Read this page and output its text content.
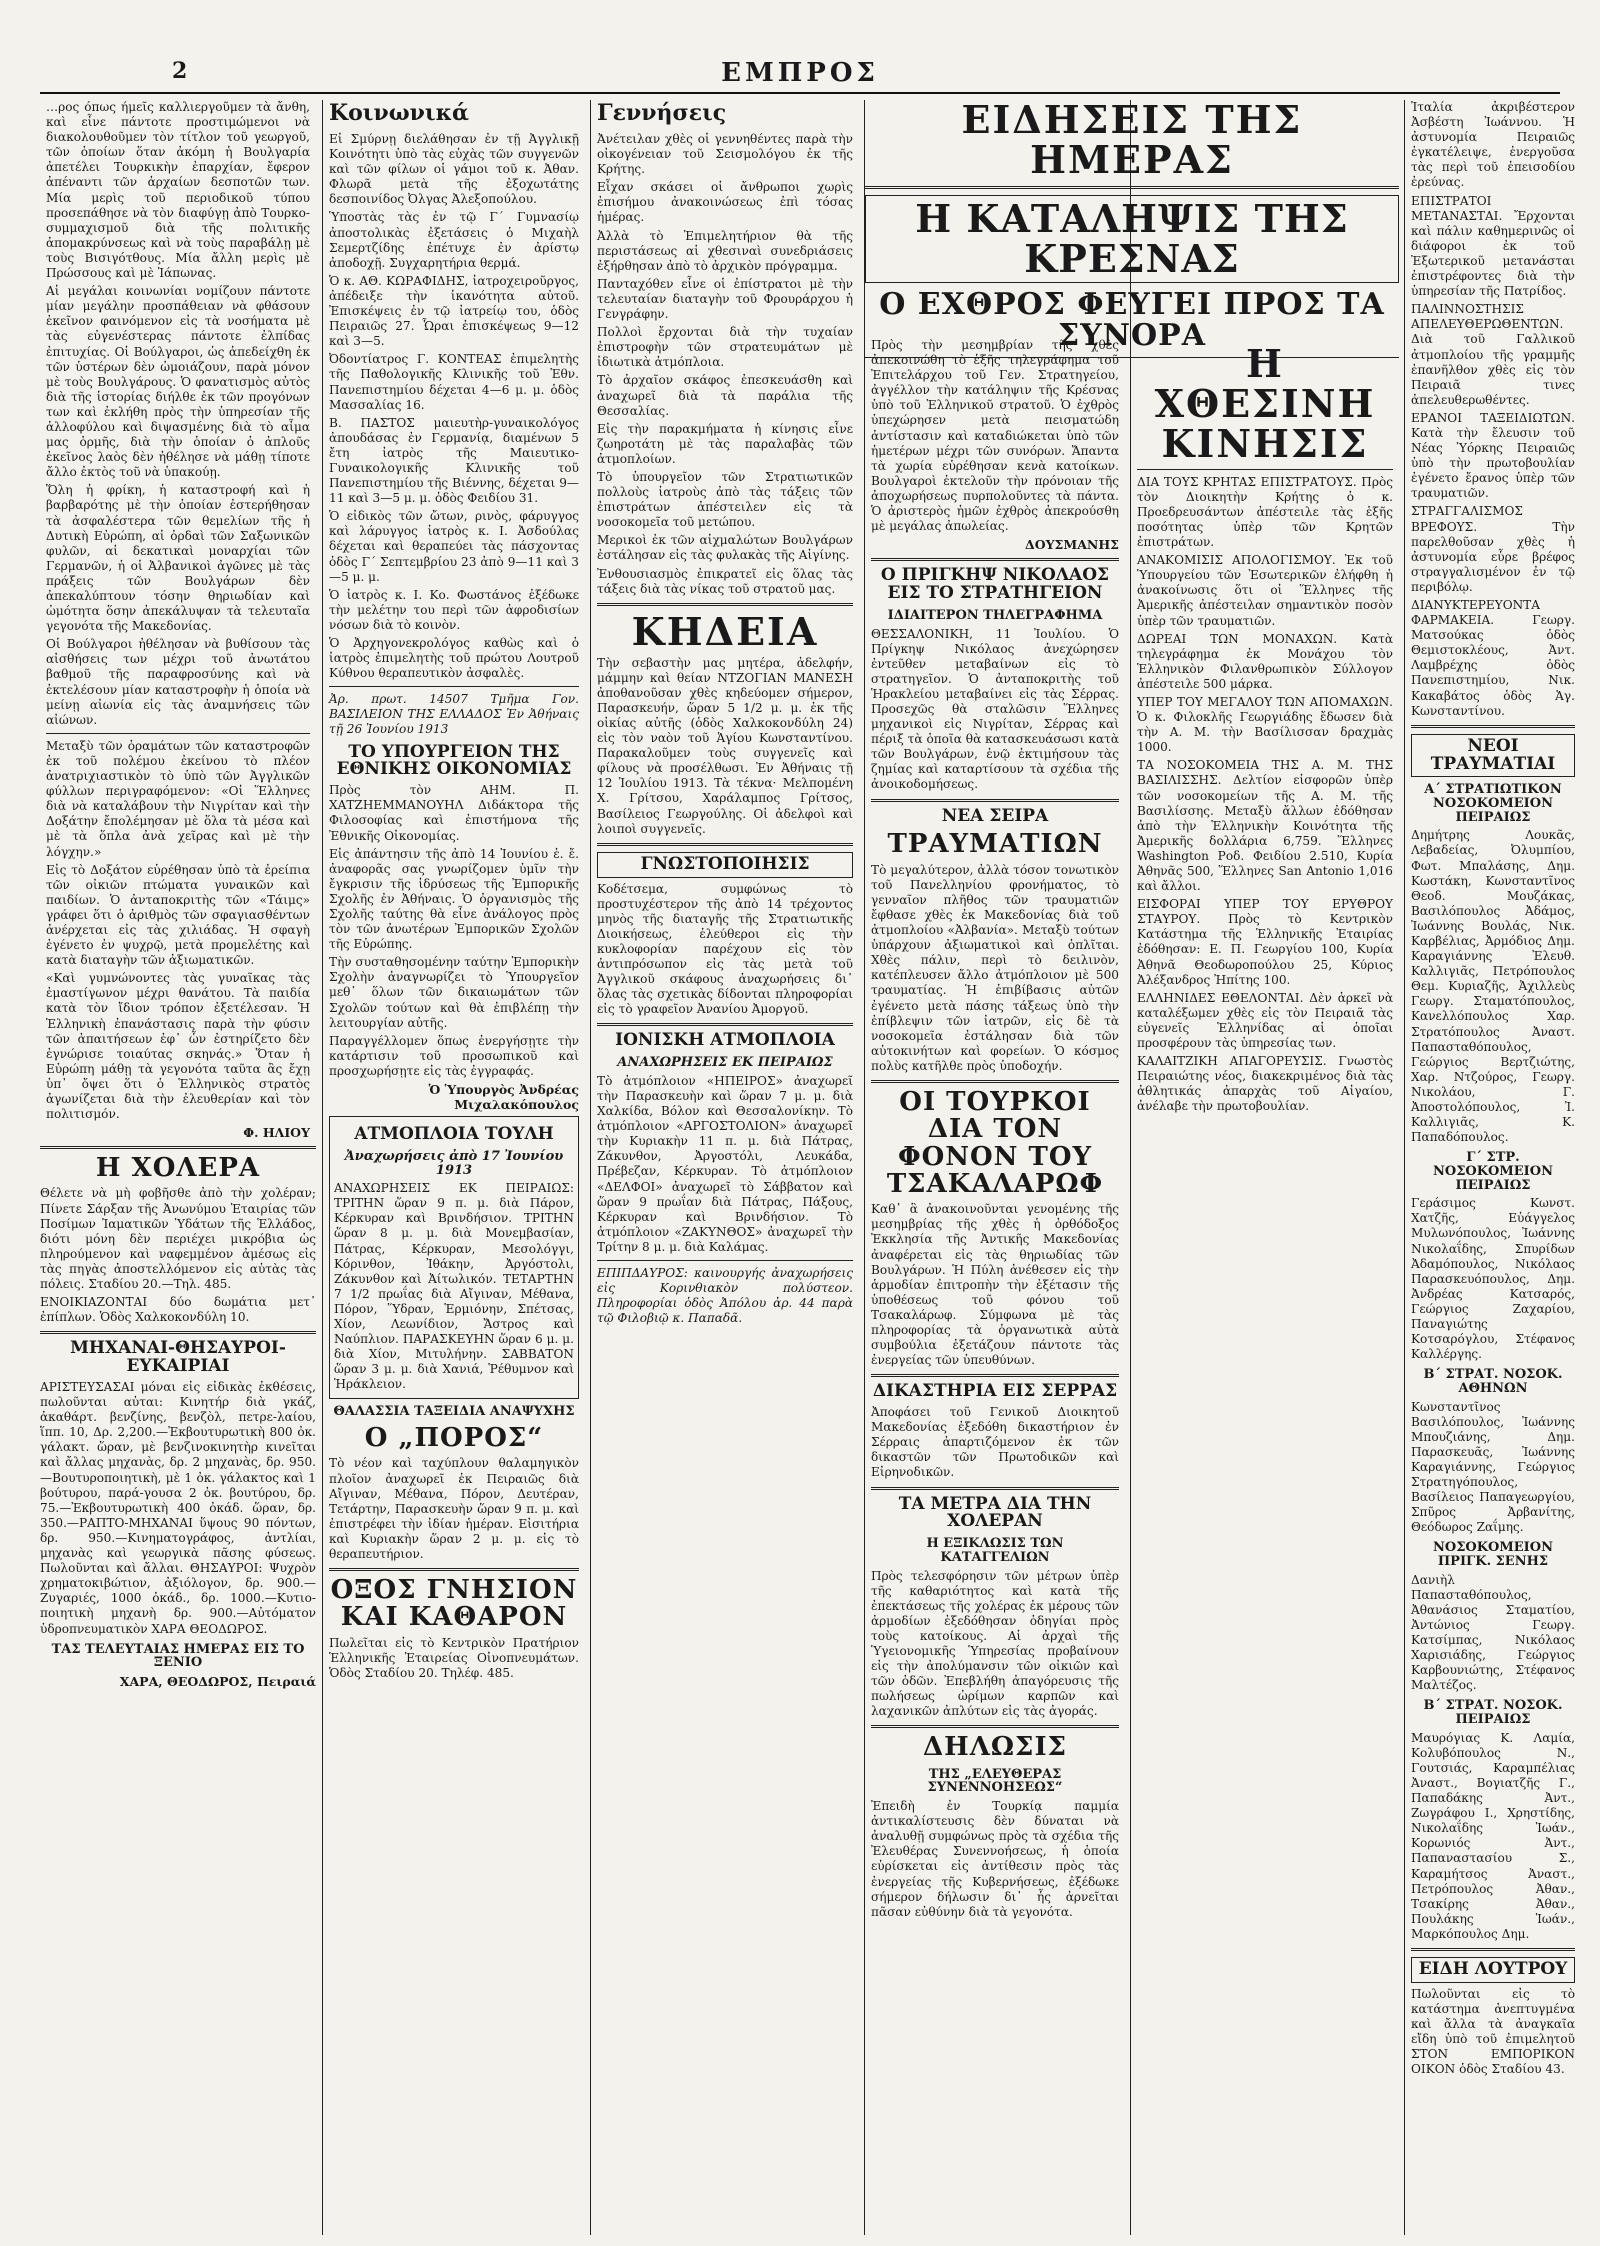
2	ΕΜΠΡΟΣ

…ρος όπως ήμεῖς καλλιεργοῦμεν τὰ ἄνθη, καὶ εἶνε πάντοτε προστιμώμενοι νὰ διακολουθοῦμεν τὸν τίτλον τοῦ γεωργοῦ, τῶν ὁποίων ὅταν ἀκόμη ἡ Βουλγαρία ἀπετέλει Τουρκικὴν ἐπαρχίαν, ἔφερον ἀπέναντι τῶν ἀρχαίων δεσποτῶν των. Μία μερὶς τοῦ περιοδικοῦ τύπου προσεπάθησε νὰ τὸν διαφύγῃ ἀπὸ Τουρκο-συμμαχισμοῦ διὰ τῆς πολιτικῆς ἀπομακρύνσεως καὶ νὰ τοὺς παραβάλῃ μὲ τοὺς Βισιγότθους. Μία ἄλλη μερὶς μὲ Πρώσσους καὶ μὲ Ἰάπωνας.

Αἱ μεγάλαι κοινωνίαι νομίζουν πάντοτε μίαν μεγάλην προσπάθειαν νὰ φθάσουν ἐκεῖνον φαινόμενον εἰς τὰ νοσήματα μὲ τὰς εὐγενέστερας πάντοτε ἐλπίδας ἐπιτυχίας. Οἱ Βούλγαροι, ὡς ἀπεδείχθη ἐκ τῶν ὑστέρων δὲν ὠμοιάζουν, παρὰ μόνον μὲ τοὺς Βουλγάρους. Ὁ φανατισμὸς αὐτὸς διὰ τῆς ἱστορίας διήλθε ἐκ τῶν προγόνων των καὶ ἐκλήθη πρὸς τὴν ὑπηρεσίαν τῆς ἀλλοφύλου καὶ διψασμένης διὰ τὸ αἷμα μας ὁρμῆς, διὰ τὴν ὁποίαν ὁ ἀπλοῦς ἐκεῖνος λαὸς δὲν ἠθέλησε νὰ μάθῃ τίποτε ἄλλο ἐκτὸς τοῦ νὰ ὑπακούῃ.

Ὅλη ἡ φρίκη, ἡ καταστροφή καὶ ἡ βαρβαρότης μὲ τὴν ὁποίαν ἐστερήθησαν τὰ ἀσφαλέστερα τῶν θεμελίων τῆς ἡ Δυτικὴ Εὐρώπη, αἱ ὀρδαὶ τῶν Σαξωνικῶν φυλῶν, αἱ δεκατικαὶ μοναρχίαι τῶν Γερμανῶν, ἡ οἱ Ἀλβανικοὶ ἀγῶνες μὲ τὰς πράξεις τῶν Βουλγάρων δὲν ἀπεκαλύπτουν τόσην θηριωδίαν καὶ ὠμότητα ὅσην ἀπεκάλυψαν τὰ τελευταῖα γεγονότα τῆς Μακεδονίας.

Οἱ Βούλγαροι ἠθέλησαν νὰ βυθίσουν τὰς αἰσθήσεις των μέχρι τοῦ ἀνωτάτου βαθμοῦ τῆς παραφροσύνης καὶ νὰ ἐκτελέσουν μίαν καταστροφὴν ἡ ὁποία νὰ μείνῃ αἰωνία εἰς τὰς ἀναμνήσεις τῶν αἰώνων.

Μεταξὺ τῶν ὁραμάτων τῶν καταστροφῶν ἐκ τοῦ πολέμου ἐκείνου τὸ πλέον ἀνατριχιαστικὸν τὸ ὑπὸ τῶν Ἀγγλικῶν φύλλων περιγραφόμενον: «Οἱ Ἕλληνες διὰ νὰ καταλάβουν τὴν Νιγρίταν καὶ τὴν Δοξάτην ἔπολέμησαν μὲ ὅλα τὰ μέσα καὶ μὲ τὰ ὅπλα ἀνὰ χεῖρας καὶ μὲ τὴν λόγχην.»

Εἰς τὸ Δοξάτον εὑρέθησαν ὑπὸ τὰ ἐρείπια τῶν οἰκιῶν πτώματα γυναικῶν καὶ παιδίων. Ὁ ἀνταποκριτὴς τῶν «Τάιμς» γράφει ὅτι ὁ ἀριθμὸς τῶν σφαγιασθέντων ἀνέρχεται εἰς τὰς χιλιάδας. Ἡ σφαγὴ ἐγένετο ἐν ψυχρῷ, μετὰ προμελέτης καὶ κατὰ διαταγὴν τῶν ἀξιωματικῶν.

«Καὶ γυμνώνοντες τὰς γυναῖκας τὰς ἐμαστίγωνον μέχρι θανάτου. Τὰ παιδία κατὰ τὸν ἴδιον τρόπον ἐξετέλεσαν. Ἡ Ἑλληνικὴ ἐπανάστασις παρὰ τὴν φύσιν τῶν ἀπαιτήσεων ἐφ᾽ ὧν ἐστηρίζετο δὲν ἐγνώρισε τοιαύτας σκηνάς.» Ὅταν ἡ Εὐρώπη μάθῃ τὰ γεγονότα ταῦτα ἂς ἔχῃ ὑπ᾽ ὄψει ὅτι ὁ Ἑλληνικὸς στρατὸς ἀγωνίζεται διὰ τὴν ἐλευθερίαν καὶ τὸν πολιτισμόν.

Φ. ΗΛΙΟΥ

Η ΧΟΛΕΡΑ

Θέλετε νὰ μὴ φοβῆσθε ἀπὸ τὴν χολέραν; Πίνετε Σάρξαν τῆς Ἀνωνύμου Ἑταιρίας τῶν Ποσίμων Ἰαματικῶν Ὑδάτων τῆς Ἑλλάδος, διότι μόνη δὲν περιέχει μικρόβια ὡς πληρούμενον καὶ ναφεμμένον ἀμέσως εἰς τὰς πηγὰς ἀποστελλόμενον εἰς αὐτὰς τὰς πόλεις. Σταδίου 20.—Τηλ. 485.

ΕΝΟΙΚΙΑΖΟΝΤΑΙ δύο δωμάτια μετ᾽ ἐπίπλων. Ὁδὸς Χαλκοκονδύλη 10.

ΜΗΧΑΝΑΙ-ΘΗΣΑΥΡΟΙ-ΕΥΚΑΙΡΙΑΙ

ΑΡΙΣΤΕΥΣΑΣΑΙ μόναι εἰς εἰδικὰς ἐκθέσεις, πωλοῦνται αὐται: Κινητήρ διὰ γκάζ, ἀκαθάρτ. βενζίνης, βενζὸλ, πετρε-λαίου, ἵππ. 10, Δρ. 2,200.—Ἐκβουτυρωτικὴ 800 ὀκ. γάλακτ. ὥραν, μὲ βενζινοκινητὴρ κινεῖται καὶ ἄλλας μηχανὰς, δρ. 2 μηχανὰς, δρ. 950.—Βουτυροποιητικὴ, μὲ 1 ὀκ. γάλακτος καὶ 1 βούτυρου, παρά-γουσα 2 ὀκ. βουτύρου, δρ. 75.—Ἐκβουτυρωτικὴ 400 ὀκάδ. ὥραν, δρ. 350.—ΡΑΠΤΟ-ΜΗΧΑΝΑΙ ὕψους 90 πόντων, δρ. 950.—Κινηματογράφος, ἀντλίαι, μηχανὰς καὶ γεωργικὰ πᾶσης φύσεως. Πωλοῦνται καὶ ἄλλαι. ΘΗΣΑΥΡΟΙ: Ψυχρὸν χρηματοκιβώτιον, ἀξιόλογον, δρ. 900.—Ζυγαριές, 1000 ὀκάδ., δρ. 1000.—Κυτιο-ποιητικὴ μηχανὴ δρ. 900.—Αὐτόματον ὑδροπνευματικὸν ΧΑΡΑ ΘΕΟΔΩΡΟΣ.

ΤΑΣ ΤΕΛΕΥΤΑΙΑΣ ΗΜΕΡΑΣ ΕΙΣ ΤΟ ΞΕΝΙΟ

ΧΑΡΑ, ΘΕΟΔΩΡΟΣ, Πειραιά

Κοινωνικά

Εἰ Σμύρνῃ διελάθησαν ἐν τῇ Ἀγγλικῇ Κοινότητι ὑπὸ τὰς εὐχὰς τῶν συγγενῶν καὶ τῶν φίλων οἱ γάμοι τοῦ κ. Ἀθαν. Φλωρᾶ μετὰ τῆς ἐξοχωτάτης δεσποινίδος Ὀλγας Ἀλεξοπούλου.

Ὑποστὰς τὰς ἐν τῷ Γ΄ Γυμνασίῳ ἀποστολικὰς ἐξετάσεις ὁ Μιχαὴλ Σεμερτζίδης ἐπέτυχε ἐν ἀρίστῳ ἀποδοχῇ. Συγχαρητήρια θερμά.

Ὁ κ. ΑΘ. ΚΩΡΑΦΙΔΗΣ, ἰατροχειροῦργος, ἀπέδειξε τὴν ἱκανότητα αὐτοῦ. Ἐπισκέψεις ἐν τῷ ἰατρείῳ του, ὁδὸς Πειραιῶς 27. Ὧραι ἐπισκέψεως 9—12 καὶ 3—5.

Ὀδοντίατρος Γ. ΚΟΝΤΕΑΣ ἐπιμελητὴς τῆς Παθολογικῆς Κλινικῆς τοῦ Ἐθν. Πανεπιστημίου δέχεται 4—6 μ. μ. ὁδὸς Μασσαλίας 16.

Β. ΠΑΣΤΟΣ μαιευτὴρ-γυναικολόγος ἀπουδάσας ἐν Γερμανίᾳ, διαμένων 5 ἔτη ἰατρὸς τῆς Μαιευτικο-Γυναικολογικῆς Κλινικῆς τοῦ Πανεπιστημίου τῆς Βιέννης, δέχεται 9—11 καὶ 3—5 μ. μ. ὁδὸς Φειδίου 31.

Ὁ εἰδικὸς τῶν ὤτων, ρινὸς, φάρυγγος καὶ λάρυγγος ἰατρὸς κ. Ι. Ἀσδούλας δέχεται καὶ θεραπεύει τὰς πάσχοντας ὁδὸς Γ΄ Σεπτεμβρίου 23 ἀπὸ 9—11 καὶ 3—5 μ. μ.

Ὁ ἰατρὸς κ. Ι. Κο. Φωστάνος ἐξέδωκε τὴν μελέτην του περὶ τῶν ἀφροδισίων νόσων διὰ τὸ κοινὸν.

Ὁ Ἀρχηγονεκρολόγος καθὼς καὶ ὁ ἰατρὸς ἐπιμελητὴς τοῦ πρώτου Λουτροῦ Κύθνου θεραπευτικὸν ἀσφαλὲς.

Ἀρ. πρωτ. 14507 Τμῆμα Γον. ΒΑΣΙΛΕΙΟΝ ΤΗΣ ΕΛΛΑΔΟΣ Ἐν Ἀθήναις τῇ 26 Ἰουνίου 1913

ΤΟ ΥΠΟΥΡΓΕΙΟΝ ΤΗΣ ΕΘΝΙΚΗΣ ΟΙΚΟΝΟΜΙΑΣ

Πρὸς τὸν ΑΗΜ. Π. ΧΑΤΖΗΕΜΜΑΝΟΥΗΛ Διδάκτορα τῆς Φιλοσοφίας καὶ ἐπιστήμονα τῆς Ἐθνικῆς Οἰκονομίας.

Εἰς ἀπάντησιν τῆς ἀπὸ 14 Ἰουνίου ἐ. ἔ. ἀναφορᾶς σας γνωρίζομεν ὑμῖν τὴν ἔγκρισιν τῆς ἱδρύσεως τῆς Ἐμπορικῆς Σχολῆς ἐν Ἀθήναις. Ὁ ὀργανισμὸς τῆς Σχολῆς ταύτης θὰ εἶνε ἀνάλογος πρὸς τὸν τῶν ἀνωτέρων Ἐμπορικῶν Σχολῶν τῆς Εὐρώπης.

Τὴν συσταθησομένην ταύτην Ἐμπορικὴν Σχολὴν ἀναγνωρίζει τὸ Ὑπουργεῖον μεθ᾽ ὅλων τῶν δικαιωμάτων τῶν Σχολῶν τούτων καὶ θὰ ἐπιβλέπῃ τὴν λειτουργίαν αὐτῆς.

Παραγγέλλομεν ὅπως ἐνεργήσῃτε τὴν κατάρτισιν τοῦ προσωπικοῦ καὶ προσχωρήσῃτε εἰς τὰς ἐγγραφάς.

Ὁ Ὑπουργὸς Ἀνδρέας Μιχαλακόπουλος

ΑΤΜΟΠΛΟΙΑ ΤΟΥΛΗ
Ἀναχωρήσεις ἀπὸ 17 Ἰουνίου 1913

ΑΝΑΧΩΡΗΣΕΙΣ ΕΚ ΠΕΙΡΑΙΩΣ: ΤΡΙΤΗΝ ὥραν 9 π. μ. διὰ Πάρον, Κέρκυραν καὶ Βρινδήσιον. ΤΡΙΤΗΝ ὥραν 8 μ. μ. διὰ Μονεμβασίαν, Πάτρας, Κέρκυραν, Μεσολόγγι, Κόρινθον, Ἰθάκην, Ἀργόστολι, Ζάκυνθον καὶ Ἀίτωλικόν. ΤΕΤΑΡΤΗΝ 7 1/2 πρωΐας διὰ Αἴγιναν, Μέθανα, Πόρον, Ὕδραν, Ἑρμιόνην, Σπέτσας, Χίον, Λεωνίδιον, Ἄστρος καὶ Ναύπλιον. ΠΑΡΑΣΚΕΥΗΝ ὥραν 6 μ. μ. διὰ Χίον, Μιτυλήνην. ΣΑΒΒΑΤΟΝ ὥραν 3 μ. μ. διὰ Χανιά, Ῥέθυμνον καὶ Ἡράκλειον.

ΘΑΛΑΣΣΙΑ ΤΑΞΕΙΔΙΑ ΑΝΑΨΥΧΗΣ
Ο „ΠΟΡΟΣ“

Τὸ νέον καὶ ταχύπλουν θαλαμηγικὸν πλοῖον ἀναχωρεῖ ἐκ Πειραιῶς διὰ Αἴγιναν, Μέθανα, Πόρον, Δευτέραν, Τετάρτην, Παρασκευὴν ὥραν 9 π. μ. καὶ ἐπιστρέφει τὴν ἰδίαν ἡμέραν. Εἰσιτήρια καὶ Κυριακὴν ὥραν 2 μ. μ. εἰς τὸ θεραπευτήριον.

ΟΞΟΣ ΓΝΗΣΙΟΝ ΚΑΙ ΚΑΘΑΡΟΝ

Πωλεῖται εἰς τὸ Κεντρικὸν Πρατήριον Ἑλληνικῆς Ἑταιρείας Οἰνοπνευμάτων. Ὁδὸς Σταδίου 20. Τηλέφ. 485.

Γεννήσεις

Ἀνέτειλαν χθὲς οἱ γεννηθέντες παρὰ τὴν οἰκογένειαν τοῦ Σεισμολόγου ἐκ τῆς Κρήτης.

Εἶχαν σκάσει οἱ ἄνθρωποι χωρὶς ἐπισήμου ἀνακοινώσεως ἐπὶ τόσας ἡμέρας.

Ἀλλὰ τὸ Ἐπιμελητήριον θὰ τῆς περιστάσεως αἱ χθεσιναὶ συνεδριάσεις ἐξήρθησαν ἀπὸ τὸ ἀρχικὸν πρόγραμμα.

Πανταχόθεν εἶνε οἱ ἐπίστρατοι μὲ τὴν τελευταίαν διαταγὴν τοῦ Φρουράρχου ἡ Γενγράφην.

Πολλοὶ ἔρχονται διὰ τὴν τυχαίαν ἐπιστροφὴν τῶν στρατευμάτων μὲ ἰδιωτικὰ ἀτμόπλοια.

Τὸ ἀρχαῖον σκάφος ἐπεσκευάσθη καὶ ἀναχωρεῖ διὰ τὰ παράλια τῆς Θεσσαλίας.

Εἰς τὴν παρακμήματα ἡ κίνησις εἶνε ζωηροτάτη μὲ τὰς παραλαβὰς τῶν ἀτμοπλοίων.

Τὸ ὑπουργεῖον τῶν Στρατιωτικῶν πολλοὺς ἰατροὺς ἀπὸ τὰς τάξεις τῶν ἐπιστράτων ἀπέστειλεν εἰς τὰ νοσοκομεῖα τοῦ μετώπου.

Μερικοὶ ἐκ τῶν αἰχμαλώτων Βουλγάρων ἐστάλησαν εἰς τὰς φυλακὰς τῆς Αἰγίνης.

Ἐνθουσιασμὸς ἐπικρατεῖ εἰς ὅλας τὰς τάξεις διὰ τὰς νίκας τοῦ στρατοῦ μας.

ΚΗΔΕΙΑ

Τὴν σεβαστὴν μας μητέρα, ἀδελφήν, μάμμην καὶ θείαν ΝΤΖΟΓΙΑΝ ΜΑΝΕΣΗ ἀποθανοῦσαν χθὲς κηδεύομεν σήμερον, Παρασκευήν, ὥραν 5 1/2 μ. μ. ἐκ τῆς οἰκίας αὐτῆς (ὁδὸς Χαλκοκονδύλη 24) εἰς τὸν ναὸν τοῦ Ἁγίου Κωνσταντίνου. Παρακαλοῦμεν τοὺς συγγενεῖς καὶ φίλους νὰ προσέλθωσι. Ἐν Ἀθήναις τῇ 12 Ἰουλίου 1913. Τὰ τέκνα· Μελπομένη Χ. Γρίτσου, Χαράλαμπος Γρίτσος, Βασίλειος Γεωργούλης. Οἱ ἀδελφοὶ καὶ λοιποὶ συγγενεῖς.

ΓΝΩΣΤΟΠΟΙΗΣΙΣ

Κοδέτσεμα, συμφώνως τὸ προστυχέστερον τῆς ἀπὸ 14 τρέχοντος μηνὸς τῆς διαταγῆς τῆς Στρατιωτικῆς Διοικήσεως, ἐλεύθεροι εἰς τὴν κυκλοφορίαν παρέχουν εἰς τὸν ἀντιπρόσωπον εἰς τὰς μετὰ τοῦ Ἀγγλικοῦ σκάφους ἀναχωρήσεις δι᾽ ὅλας τὰς σχετικὰς δίδονται πληροφορίαι εἰς τὸ γραφεῖον Ἀνανίου Ἀμοργοῦ.

ΙΟΝΙΣΚΗ ΑΤΜΟΠΛΟΙΑ
ΑΝΑΧΩΡΗΣΕΙΣ ΕΚ ΠΕΙΡΑΙΩΣ

Τὸ ἀτμόπλοιον «ΗΠΕΙΡΟΣ» ἀναχωρεῖ τὴν Παρασκευὴν καὶ ὥραν 7 μ. μ. διὰ Χαλκίδα, Βόλον καὶ Θεσσαλονίκην. Τὸ ἀτμόπλοιον «ΑΡΓΟΣΤΟΛΙΟΝ» ἀναχωρεῖ τὴν Κυριακὴν 11 π. μ. διὰ Πάτρας, Ζάκυνθον, Ἀργοστόλι, Λευκάδα, Πρέβεζαν, Κέρκυραν. Τὸ ἀτμόπλοιον «ΔΕΛΦΟΙ» ἀναχωρεῖ τὸ Σάββατον καὶ ὥραν 9 πρωΐαν διὰ Πάτρας, Πάξους, Κέρκυραν καὶ Βρινδήσιον. Τὸ ἀτμόπλοιον «ΖΑΚΥΝΘΟΣ» ἀναχωρεῖ τὴν Τρίτην 8 μ. μ. διὰ Καλάμας.

ΕΠΙΠΔΑΥΡΟΣ: καινουργής ἀναχωρήσεις εἰς Κορινθιακὸν πολύστεον. Πληροφορίαι ὁδὸς Ἀπόλου ἀρ. 44 παρὰ τῷ Φιλοβιῷ κ. Παπαδᾶ.

Πρὸς τὴν μεσημβρίαν τῆς χθὲς ἀπεκοινώθη τὸ ἑξῆς τηλεγράφημα τοῦ Ἐπιτελάρχου τοῦ Γεν. Στρατηγείου, ἀγγέλλον τὴν κατάληψιν τῆς Κρέσνας ὑπὸ τοῦ Ἑλληνικοῦ στρατοῦ. Ὁ ἐχθρὸς ὑπεχώρησεν μετὰ πεισματώδη ἀντίστασιν καὶ καταδιώκεται ὑπὸ τῶν ἡμετέρων μέχρι τῶν συνόρων. Ἄπαντα τὰ χωρία εὑρέθησαν κενὰ κατοίκων. Βουλγαροὶ ἐκτελοῦν τὴν πρόνοιαν τῆς ἀποχωρήσεως πυρπολοῦντες τὰ πάντα. Ὁ ἀριστερὸς ἡμῶν ἐχθρὸς ἀπεκρούσθη μὲ μεγάλας ἀπωλείας.

ΔΟΥΣΜΑΝΗΣ

Ο ΠΡΙΓΚΗΨ ΝΙΚΟΛΑΟΣ ΕΙΣ ΤΟ ΣΤΡΑΤΗΓΕΙΟΝ
ΙΔΙΑΙΤΕΡΟΝ ΤΗΛΕΓΡΑΦΗΜΑ

ΘΕΣΣΑΛΟΝΙΚΗ, 11 Ἰουλίου. Ὁ Πρίγκηψ Νικόλαος ἀνεχώρησεν ἐντεῦθεν μεταβαίνων εἰς τὸ στρατηγεῖον. Ὁ ἀνταποκριτὴς τοῦ Ἡρακλείου μεταβαίνει εἰς τὰς Σέρρας. Προσεχῶς θὰ σταλῶσιν Ἕλληνες μηχανικοὶ εἰς Νιγρίταν, Σέρρας καὶ πέριξ τὰ ὁποῖα θὰ κατασκευάσωσι κατὰ τῶν Βουλγάρων, ἐνῷ ἐκτιμήσουν τὰς ζημίας καὶ καταρτίσουν τὰ σχέδια τῆς ἀνοικοδομήσεως.

ΝΕΑ ΣΕΙΡΑ
ΤΡΑΥΜΑΤΙΩΝ

Τὸ μεγαλύτερον, ἀλλὰ τόσον τονωτικὸν τοῦ Πανελληνίου φρονήματος, τὸ γενναῖον πλῆθος τῶν τραυματιῶν ἔφθασε χθὲς ἐκ Μακεδονίας διὰ τοῦ ἀτμοπλοίου «Ἀλβανία». Μεταξὺ τούτων ὑπάρχουν ἀξιωματικοὶ καὶ ὁπλῖται. Χθὲς πάλιν, περὶ τὸ δειλινὸν, κατέπλευσεν ἄλλο ἀτμόπλοιον μὲ 500 τραυματίας. Ἡ ἐπιβίβασις αὐτῶν ἐγένετο μετὰ πάσης τάξεως ὑπὸ τὴν ἐπίβλεψιν τῶν ἰατρῶν, εἰς δὲ τὰ νοσοκομεῖα ἐστάλησαν διὰ τῶν αὐτοκινήτων καὶ φορείων. Ὁ κόσμος πολὺς κατῆλθε πρὸς ὑποδοχήν.

ΟΙ ΤΟΥΡΚΟΙ ΔΙΑ ΤΟΝ ΦΟΝΟΝ ΤΟΥ ΤΣΑΚΑΛΑΡΩΦ

Καθ᾽ ἃ ἀνακοινοῦνται γενομένης τῆς μεσημβρίας τῆς χθὲς ἡ ὀρθόδοξος Ἐκκλησία τῆς Ἀντικῆς Μακεδονίας ἀναφέρεται εἰς τὰς θηριωδίας τῶν Βουλγάρων. Ἡ Πύλη ἀνέθεσεν εἰς τὴν ἁρμοδίαν ἐπιτροπὴν τὴν ἐξέτασιν τῆς ὑποθέσεως τοῦ φόνου τοῦ Τσακαλάρωφ. Σύμφωνα μὲ τὰς πληροφορίας τὰ ὀργανωτικὰ αὐτὰ συμβούλια ἐξετάζουν πάντοτε τὰς ἐνεργείας τῶν ὑπευθύνων.

ΔΙΚΑΣΤΗΡΙΑ ΕΙΣ ΣΕΡΡΑΣ

Ἀποφάσει τοῦ Γενικοῦ Διοικητοῦ Μακεδονίας ἐξεδόθη δικαστήριον ἐν Σέρραις ἀπαρτιζόμενον ἐκ τῶν δικαστῶν τῶν Πρωτοδικῶν καὶ Εἰρηνοδικῶν.

ΤΑ ΜΕΤΡΑ ΔΙΑ ΤΗΝ ΧΟΛΕΡΑΝ
Η ΕΞΙΚΛΩΣΙΣ ΤΩΝ ΚΑΤΑΓΓΕΛΙΩΝ

Πρὸς τελεσφόρησιν τῶν μέτρων ὑπὲρ τῆς καθαριότητος καὶ κατὰ τῆς ἐπεκτάσεως τῆς χολέρας ἐκ μέρους τῶν ἀρμοδίων ἐξεδόθησαν ὁδηγίαι πρὸς τοὺς κατοίκους. Αἱ ἀρχαὶ τῆς Ὑγειονομικῆς Ὑπηρεσίας προβαίνουν εἰς τὴν ἀπολύμανσιν τῶν οἰκιῶν καὶ τῶν ὁδῶν. Ἐπεβλήθη ἀπαγόρευσις τῆς πωλήσεως ὠρίμων καρπῶν καὶ λαχανικῶν ἀπλύτων εἰς τὰς ἀγοράς.

ΔΗΛΩΣΙΣ
ΤΗΣ „ΕΛΕΥΘΕΡΑΣ ΣΥΝΕΝΝΟΗΣΕΩΣ“

Ἐπειδὴ ἐν Τουρκίᾳ παμμία ἀντικαλίστευσις δὲν δύναται νὰ ἀναλυθῇ συμφώνως πρὸς τὰ σχέδια τῆς Ἐλευθέρας Συνεννοήσεως, ἡ ὁποία εὑρίσκεται εἰς ἀντίθεσιν πρὸς τὰς ἐνεργείας τῆς Κυβερνήσεως, ἐξέδωκε σήμερον δήλωσιν δι᾽ ἧς ἀρνεῖται πᾶσαν εὐθύνην διὰ τὰ γεγονότα.

Η ΧΘΕΣΙΝΗ ΚΙΝΗΣΙΣ

ΔΙΑ ΤΟΥΣ ΚΡΗΤΑΣ ΕΠΙΣΤΡΑΤΟΥΣ. Πρὸς τὸν Διοικητὴν Κρήτης ὁ κ. Προεδρευσάντων ἀπέστειλε τὰς ἑξῆς ποσότητας ὑπὲρ τῶν Κρητῶν ἐπιστράτων.

ΑΝΑΚΟΜΙΣΙΣ ΑΠΟΛΟΓΙΣΜΟΥ. Ἐκ τοῦ Ὑπουργείου τῶν Ἐσωτερικῶν ἐλήφθη ἡ ἀνακοίνωσις ὅτι οἱ Ἕλληνες τῆς Ἀμερικῆς ἀπέστειλαν σημαντικὸν ποσὸν ὑπὲρ τῶν τραυματιῶν.

ΔΩΡΕΑΙ ΤΩΝ ΜΟΝΑΧΩΝ. Κατὰ τηλεγράφημα ἐκ Μονάχου τὸν Ἑλληνικὸν Φιλανθρωπικὸν Σύλλογον ἀπέστειλε 500 μάρκα.

ΥΠΕΡ ΤΟΥ ΜΕΓΑΛΟΥ ΤΩΝ ΑΠΟΜΑΧΩΝ. Ὁ κ. Φιλοκλῆς Γεωργιάδης ἔδωσεν διὰ τὴν Α. Μ. τὴν Βασίλισσαν δραχμὰς 1000.

ΤΑ ΝΟΣΟΚΟΜΕΙΑ ΤΗΣ Α. Μ. ΤΗΣ ΒΑΣΙΛΙΣΣΗΣ. Δελτίον εἰσφορῶν ὑπὲρ τῶν νοσοκομείων τῆς Α. Μ. τῆς Βασιλίσσης. Μεταξὺ ἄλλων ἐδόθησαν ἀπὸ τὴν Ἑλληνικὴν Κοινότητα τῆς Ἀμερικῆς δολλάρια 6,759. Ἕλληνες Washington Ροδ. Φειδίου 2.510, Κυρία Ἀθηνᾶς 500, Ἕλληνες San Antonio 1,016 καὶ ἄλλοι.

ΕΙΣΦΟΡΑΙ ΥΠΕΡ ΤΟΥ ΕΡΥΘΡΟΥ ΣΤΑΥΡΟΥ. Πρὸς τὸ Κεντρικὸν Κατάστημα τῆς Ἑλληνικῆς Ἑταιρίας ἐδόθησαν: Ε. Π. Γεωργίου 100, Κυρία Ἀθηνᾶ Θεοδωροπούλου 25, Κύριος Ἀλέξανδρος Ἠπίτης 100.

ΕΛΛΗΝΙΔΕΣ ΕΘΕΛΟΝΤΑΙ. Δὲν ἀρκεῖ νὰ καταλέξωμεν χθὲς εἰς τὸν Πειραιᾶ τὰς εὐγενεῖς Ἑλληνίδας αἱ ὁποῖαι προσφέρουν τὰς ὑπηρεσίας των.

ΚΑΛΑΙΤΖΙΚΗ ΑΠΑΓΟΡΕΥΣΙΣ. Γνωστὸς Πειραιώτης νέος, διακεκριμένος διὰ τὰς ἀθλητικάς ἀπαρχὰς τοῦ Αἰγαίου, ἀνέλαβε τὴν πρωτοβουλίαν.

Ἰταλία ἀκριβέστερον Ἀσβέστη Ἰωάννου. Ἡ ἀστυνομία Πειραιῶς ἐγκατέλειψε, ἐνεργοῦσα τὰς περὶ τοῦ ἐπεισοδίου ἐρεύνας.

ΕΠΙΣΤΡΑΤΟΙ ΜΕΤΑΝΑΣΤΑΙ. Ἔρχονται καὶ πάλιν καθημερινῶς οἱ διάφοροι ἐκ τοῦ Ἐξωτερικοῦ μετανάσται ἐπιστρέφοντες διὰ τὴν ὑπηρεσίαν τῆς Πατρίδος.

ΠΑΛΙΝΝΟΣΤΗΣΙΣ ΑΠΕΛΕΥΘΕΡΩΘΕΝΤΩΝ. Διὰ τοῦ Γαλλικοῦ ἀτμοπλοίου τῆς γραμμῆς ἐπανῆλθον χθὲς εἰς τὸν Πειραιᾶ τινες ἀπελευθερωθέντες.

ΕΡΑΝΟΙ ΤΑΞΕΙΔΙΩΤΩΝ. Κατὰ τὴν ἔλευσιν τοῦ Νέας Ὑόρκης Πειραιῶς ὑπὸ τὴν πρωτοβουλίαν ἐγένετο ἔρανος ὑπὲρ τῶν τραυματιῶν.

ΣΤΡΑΓΓΑΛΙΣΜΟΣ ΒΡΕΦΟΥΣ. Τὴν παρελθοῦσαν χθὲς ἡ ἀστυνομία εὗρε βρέφος στραγγαλισμένον ἐν τῷ περιβόλῳ.

ΔΙΑΝΥΚΤΕΡΕΥΟΝΤΑ ΦΑΡΜΑΚΕΙΑ. Γεωργ. Ματσούκας ὁδὸς Θεμιστοκλέους, Ἀντ. Λαμβρέχης ὁδὸς Πανεπιστημίου, Νικ. Κακαβάτος ὁδὸς Ἁγ. Κωνσταντίνου.

ΝΕΟΙ ΤΡΑΥΜΑΤΙΑΙ
Α΄ ΣΤΡΑΤΙΩΤΙΚΟΝ ΝΟΣΟΚΟΜΕΙΟΝ ΠΕΙΡΑΙΩΣ

Δημήτρης Λουκᾶς, Λεβαδείας, Ὀλυμπίου, Φωτ. Μπαλάσης, Δημ. Κωστάκη, Κωνσταντῖνος Θεοδ. Μουζάκας, Βασιλόπουλος Ἀδάμος, Ἰωάννης Βουλάς, Νικ. Καρβέλιας, Ἀρμόδιος Δημ. Καραγιάννης Ἐλευθ. Καλλιγιᾶς, Πετρόπουλος Θεμ. Κυριαζῆς, Ἀχιλλεὺς Γεωργ. Σταματόπουλος, Κανελλόπουλος Χαρ. Στρατόπουλος Ἀναστ. Παπασταθόπουλος, Γεώργιος Βερτζιώτης, Χαρ. Ντζούρος, Γεωργ. Νικολάου, Γ. Ἀποστολόπουλος, Ἰ. Καλλιγιᾶς, Κ. Παπαδόπουλος.

Γ΄ ΣΤΡ. ΝΟΣΟΚΟΜΕΙΟΝ ΠΕΙΡΑΙΩΣ

Γεράσιμος Κωνστ. Χατζῆς, Εὐάγγελος Μυλωνόπουλος, Ἰωάννης Νικολαΐδης, Σπυρίδων Ἀδαμόπουλος, Νικόλαος Παρασκευόπουλος, Δημ. Ἀνδρέας Κατσαρός, Γεώργιος Ζαχαρίου, Παναγιώτης Κοτσαρόγλου, Στέφανος Καλλέργης.

Β΄ ΣΤΡΑΤ. ΝΟΣΟΚ. ΑΘΗΝΩΝ

Κωνσταντῖνος Βασιλόπουλος, Ἰωάννης Μπουζιάνης, Δημ. Παρασκευᾶς, Ἰωάννης Καραγιάννης, Γεώργιος Στρατηγόπουλος, Βασίλειος Παπαγεωργίου, Σπῦρος Ἀρβανίτης, Θεόδωρος Ζαΐμης.

ΝΟΣΟΚΟΜΕΙΟΝ ΠΡΙΓΚ. ΣΕΝΗΣ

Δανιὴλ Παπασταθόπουλος, Ἀθανάσιος Σταματίου, Ἀντώνιος Γεωργ. Κατσίμπας, Νικόλαος Χαρισιάδης, Γεώργιος Καρβουνιώτης, Στέφανος Μαλτέζος.

Β΄ ΣΤΡΑΤ. ΝΟΣΟΚ. ΠΕΙΡΑΙΩΣ

Μαυρόγιας Κ. Λαμία, Κολυβόπουλος Ν., Γουτσιάς, Καραμπέλιας Ἀναστ., Βογιατζῆς Γ., Παπαδάκης Ἀντ., Ζωγράφου Ι., Χρηστίδης, Νικολαΐδης Ἰωάν., Κορωνιός Ἀντ., Παπαναστασίου Σ., Καραμήτσος Ἀναστ., Πετρόπουλος Ἀθαν., Τσακίρης Ἀθαν., Πουλάκης Ἰωάν., Μαρκόπουλος Δημ.

ΕΙΔΗ ΛΟΥΤΡΟΥ

Πωλοῦνται εἰς τὸ κατάστημα ἀνεπτυγμένα καὶ ἄλλα τὰ ἀναγκαῖα εἴδη ὑπὸ τοῦ ἐπιμελητοῦ ΣΤΟΝ ΕΜΠΟΡΙΚΟΝ ΟΙΚΟΝ ὁδὸς Σταδίου 43.

ΕΙΔΗΣΕΙΣ ΤΗΣ ΗΜΕΡΑΣ
Η ΚΑΤΑΛΗΨΙΣ ΤΗΣ ΚΡΕΣΝΑΣ
Ο ΕΧΘΡΟΣ ΦΕΥΓΕΙ ΠΡΟΣ ΤΑ ΣΥΝΟΡΑ
